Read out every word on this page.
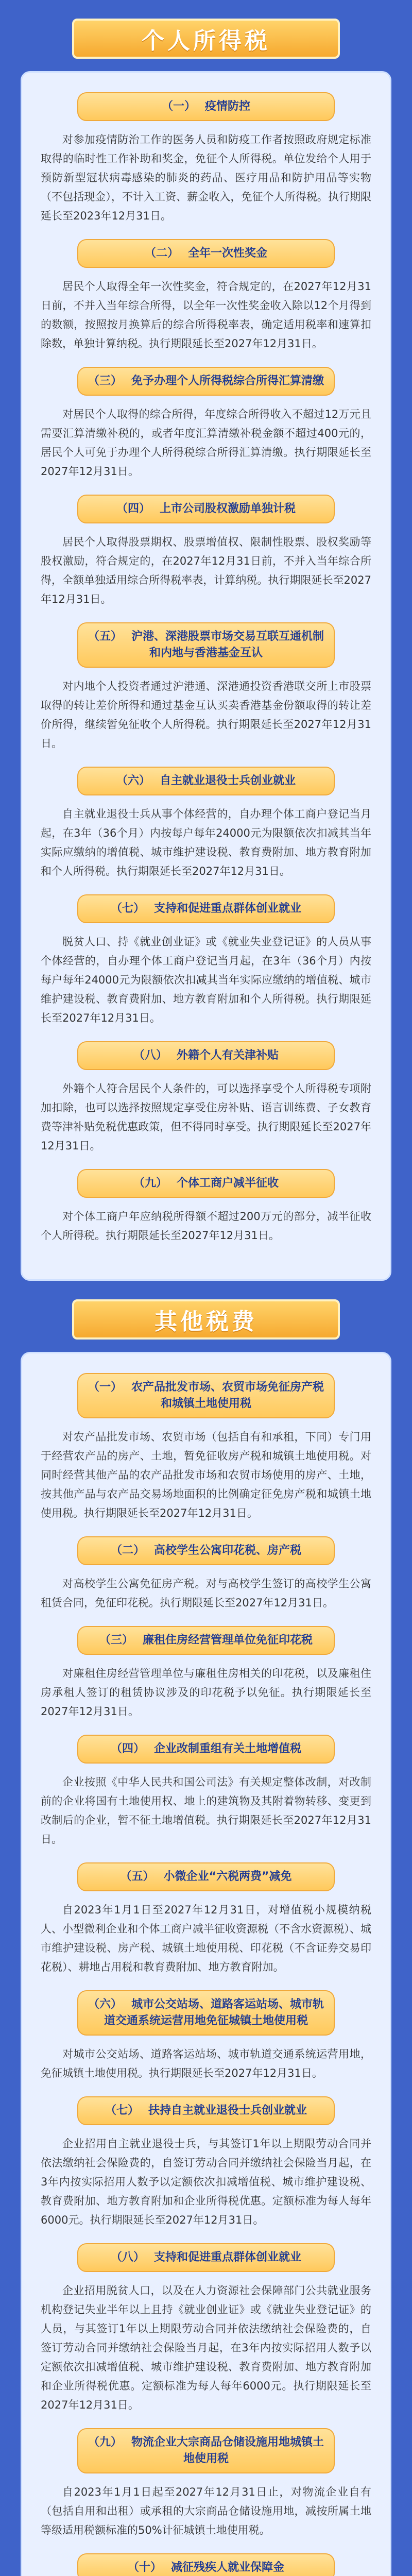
个人所得税
（一） 疫情防控

对参加疫情防治工作的医务人员和防疫工作者按照政府规定标准取得的临时性工作补助和奖金，免征个人所得税。单位发给个人用于预防新型冠状病毒感染的肺炎的药品、医疗用品和防护用品等实物（不包括现金），不计入工资、薪金收入，免征个人所得税。执行期限延长至2023年12月31日。

（二） 全年一次性奖金

居民个人取得全年一次性奖金，符合规定的，在2027年12月31日前，不并入当年综合所得，以全年一次性奖金收入除以12个月得到的数额，按照按月换算后的综合所得税率表，确定适用税率和速算扣除数，单独计算纳税。执行期限延长至2027年12月31日。

（三） 免予办理个人所得税综合所得汇算清缴

对居民个人取得的综合所得，年度综合所得收入不超过12万元且需要汇算清缴补税的，或者年度汇算清缴补税金额不超过400元的，居民个人可免于办理个人所得税综合所得汇算清缴。执行期限延长至2027年12月31日。

（四） 上市公司股权激励单独计税

居民个人取得股票期权、股票增值权、限制性股票、股权奖励等股权激励，符合规定的，在2027年12月31日前，不并入当年综合所得，全额单独适用综合所得税率表，计算纳税。执行期限延长至2027年12月31日。

（五） 沪港、深港股票市场交易互联互通机制和内地与香港基金互认

对内地个人投资者通过沪港通、深港通投资香港联交所上市股票取得的转让差价所得和通过基金互认买卖香港基金份额取得的转让差价所得，继续暂免征收个人所得税。执行期限延长至2027年12月31日。

（六） 自主就业退役士兵创业就业

自主就业退役士兵从事个体经营的，自办理个体工商户登记当月起，在3年（36个月）内按每户每年24000元为限额依次扣减其当年实际应缴纳的增值税、城市维护建设税、教育费附加、地方教育附加和个人所得税。执行期限延长至2027年12月31日。

（七） 支持和促进重点群体创业就业

脱贫人口、持《就业创业证》或《就业失业登记证》的人员从事个体经营的，自办理个体工商户登记当月起，在3年（36个月）内按每户每年24000元为限额依次扣减其当年实际应缴纳的增值税、城市维护建设税、教育费附加、地方教育附加和个人所得税。执行期限延长至2027年12月31日。

（八） 外籍个人有关津补贴

外籍个人符合居民个人条件的，可以选择享受个人所得税专项附加扣除，也可以选择按照规定享受住房补贴、语言训练费、子女教育费等津补贴免税优惠政策，但不得同时享受。执行期限延长至2027年12月31日。

（九） 个体工商户减半征收

对个体工商户年应纳税所得额不超过200万元的部分，减半征收个人所得税。执行期限延长至2027年12月31日。

其他税费
（一） 农产品批发市场、农贸市场免征房产税和城镇土地使用税

对农产品批发市场、农贸市场（包括自有和承租，下同）专门用于经营农产品的房产、土地，暂免征收房产税和城镇土地使用税。对同时经营其他产品的农产品批发市场和农贸市场使用的房产、土地，按其他产品与农产品交易场地面积的比例确定征免房产税和城镇土地使用税。执行期限延长至2027年12月31日。

（二） 高校学生公寓印花税、房产税

对高校学生公寓免征房产税。对与高校学生签订的高校学生公寓租赁合同，免征印花税。执行期限延长至2027年12月31日。

（三） 廉租住房经营管理单位免征印花税

对廉租住房经营管理单位与廉租住房相关的印花税，以及廉租住房承租人签订的租赁协议涉及的印花税予以免征。执行期限延长至2027年12月31日。

（四） 企业改制重组有关土地增值税

企业按照《中华人民共和国公司法》有关规定整体改制，对改制前的企业将国有土地使用权、地上的建筑物及其附着物转移、变更到改制后的企业，暂不征土地增值税。执行期限延长至2027年12月31日。

（五） 小微企业“六税两费”减免

自2023年1月1日至2027年12月31日，对增值税小规模纳税人、小型微利企业和个体工商户减半征收资源税（不含水资源税）、城市维护建设税、房产税、城镇土地使用税、印花税（不含证券交易印花税）、耕地占用税和教育费附加、地方教育附加。

（六） 城市公交站场、道路客运站场、城市轨道交通系统运营用地免征城镇土地使用税

对城市公交站场、道路客运站场、城市轨道交通系统运营用地，免征城镇土地使用税。执行期限延长至2027年12月31日。

（七） 扶持自主就业退役士兵创业就业

企业招用自主就业退役士兵，与其签订1年以上期限劳动合同并依法缴纳社会保险费的，自签订劳动合同并缴纳社会保险当月起，在3年内按实际招用人数予以定额依次扣减增值税、城市维护建设税、教育费附加、地方教育附加和企业所得税优惠。定额标准为每人每年6000元。执行期限延长至2027年12月31日。

（八） 支持和促进重点群体创业就业

企业招用脱贫人口，以及在人力资源社会保障部门公共就业服务机构登记失业半年以上且持《就业创业证》或《就业失业登记证》的人员，与其签订1年以上期限劳动合同并依法缴纳社会保险费的，自签订劳动合同并缴纳社会保险当月起，在3年内按实际招用人数予以定额依次扣减增值税、城市维护建设税、教育费附加、地方教育附加和企业所得税优惠。定额标准为每人每年6000元。执行期限延长至2027年12月31日。

（九） 物流企业大宗商品仓储设施用地城镇土地使用税

自2023年1月1日起至2027年12月31日止，对物流企业自有（包括自用和出租）或承租的大宗商品仓储设施用地，减按所属土地等级适用税额标准的50%计征城镇土地使用税。

（十） 减征残疾人就业保障金
